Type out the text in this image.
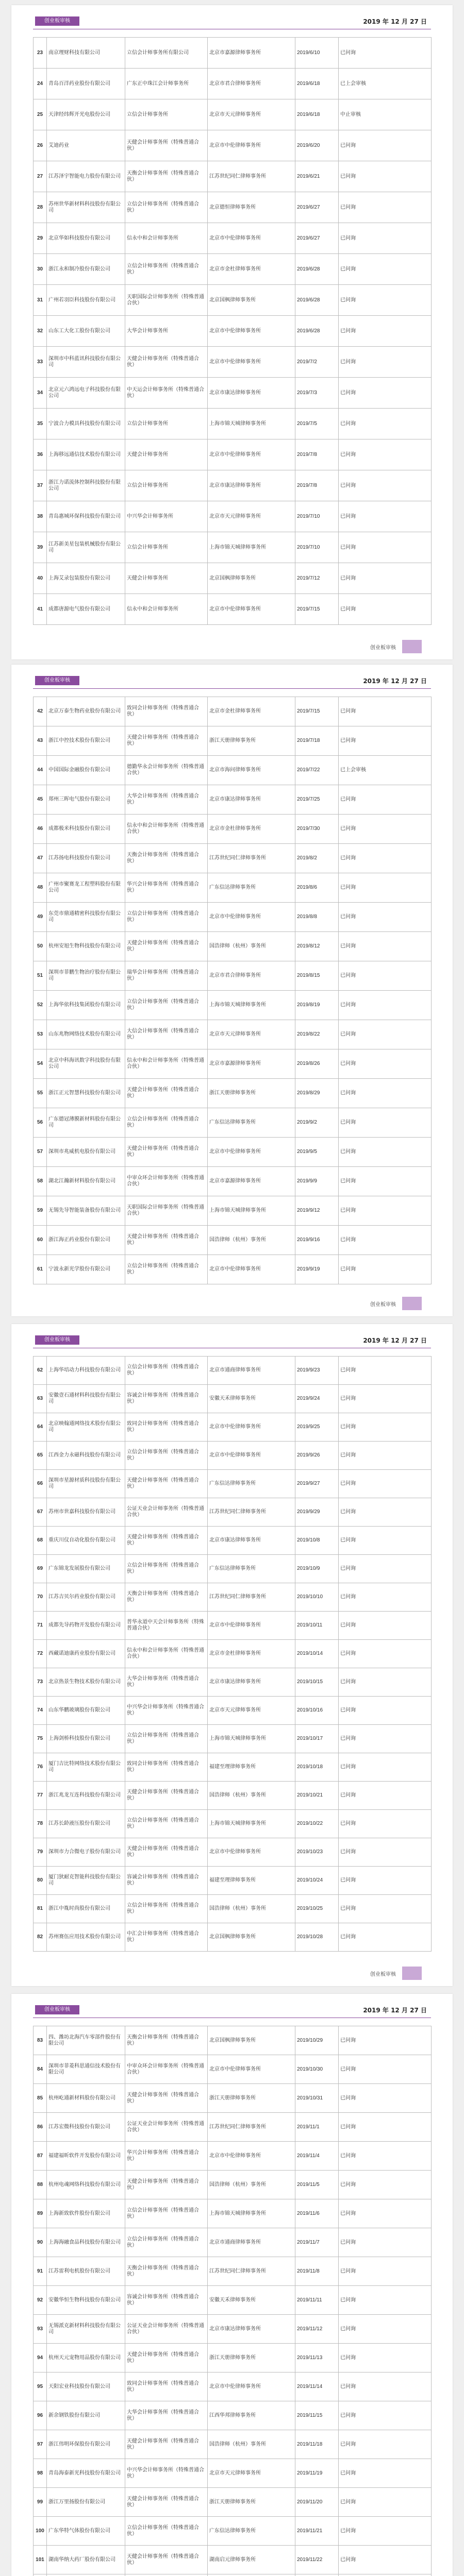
创业板审核	2019 年 12 月 27 日
23	南京理财科技有限公司	立信会计师事务所有限公司	北京市嘉源律师事务所	2019/6/10	已问询
24	青岛百洋药业股份有限公司	广东正中珠江会计师事务所	北京市君合律师事务所	2019/6/18	已上会审核
25	天津经纬辉开光电股份公司	立信会计师事务所	北京市天元律师事务所	2019/6/18	中止审核
26	艾迪药业	天健会计师事务所（特殊普通合伙）	北京市中伦律师事务所	2019/6/20	已问询
27	江苏泽宇智能电力股份有限公司	天衡会计师事务所（特殊普通合伙）	江苏世纪同仁律师事务所	2019/6/21	已问询
28	苏州世华新材料科技股份有限公司	立信会计师事务所（特殊普通合伙）	北京德恒律师事务所	2019/6/27	已问询
29	北京华如科技股份有限公司	信永中和会计师事务所	北京市中伦律师事务所	2019/6/27	已问询
30	浙江永和制冷股份有限公司	立信会计师事务所（特殊普通合伙）	北京市金杜律师事务所	2019/6/28	已问询
31	广州若羽臣科技股份有限公司	天职国际会计师事务所（特殊普通合伙）	北京国枫律师事务所	2019/6/28	已问询
32	山东工大化工股份有限公司	大华会计师事务所	北京市中伦律师事务所	2019/6/28	已问询
33	深圳市中科蓝讯科技股份有限公司	天健会计师事务所（特殊普通合伙）	北京市中伦律师事务所	2019/7/2	已问询
34	北京元六鸿远电子科技股份有限公司	中天运会计师事务所（特殊普通合伙）	北京市康达律师事务所	2019/7/3	已问询
35	宁波合力模具科技股份有限公司	立信会计师事务所	上海市锦天城律师事务所	2019/7/5	已问询
36	上海移远通信技术股份有限公司	天健会计师事务所	北京市中伦律师事务所	2019/7/8	已问询
37	浙江力诺流体控制科技股份有限公司	立信会计师事务所	北京市康达律师事务所	2019/7/8	已问询
38	青岛惠城环保科技股份有限公司	中兴华会计师事务所	北京市天元律师事务所	2019/7/10	已问询
39	江苏新美星包装机械股份有限公司	立信会计师事务所	上海市锦天城律师事务所	2019/7/10	已问询
40	上海艾录包装股份有限公司	天健会计师事务所	北京国枫律师事务所	2019/7/12	已问询
41	成都唐源电气股份有限公司	信永中和会计师事务所	北京市中伦律师事务所	2019/7/15	已问询
创业板审核
创业板审核	2019 年 12 月 27 日
42	北京万泰生物药业股份有限公司	致同会计师事务所（特殊普通合伙）	北京市金杜律师事务所	2019/7/15	已问询
43	浙江中控技术股份有限公司	天健会计师事务所（特殊普通合伙）	浙江天册律师事务所	2019/7/18	已问询
44	中国国际金融股份有限公司	德勤华永会计师事务所（特殊普通合伙）	北京市海问律师事务所	2019/7/22	已上会审核
45	郑州三晖电气股份有限公司	大华会计师事务所（特殊普通合伙）	北京市康达律师事务所	2019/7/25	已问询
46	成都极米科技股份有限公司	信永中和会计师事务所（特殊普通合伙）	北京市金杜律师事务所	2019/7/30	已问询
47	江苏扬电科技股份有限公司	天衡会计师事务所（特殊普通合伙）	江苏世纪同仁律师事务所	2019/8/2	已问询
48	广州市聚赛龙工程塑料股份有限公司	华兴会计师事务所（特殊普通合伙）	广东信达律师事务所	2019/8/6	已问询
49	东莞市鼎通精密科技股份有限公司	立信会计师事务所（特殊普通合伙）	北京市中伦律师事务所	2019/8/8	已问询
50	杭州安旭生物科技股份有限公司	天健会计师事务所（特殊普通合伙）	国浩律师（杭州）事务所	2019/8/12	已问询
51	深圳市菲鹏生物治疗股份有限公司	瑞华会计师事务所（特殊普通合伙）	北京市君合律师事务所	2019/8/15	已问询
52	上海华依科技集团股份有限公司	立信会计师事务所（特殊普通合伙）	上海市锦天城律师事务所	2019/8/19	已问询
53	山东兆物网络技术股份有限公司	大信会计师事务所（特殊普通合伙）	北京市天元律师事务所	2019/8/22	已问询
54	北京中科海讯数字科技股份有限公司	信永中和会计师事务所（特殊普通合伙）	北京市嘉源律师事务所	2019/8/26	已问询
55	浙江正元智慧科技股份有限公司	天健会计师事务所（特殊普通合伙）	浙江天册律师事务所	2019/8/29	已问询
56	广东德冠薄膜新材料股份有限公司	立信会计师事务所（特殊普通合伙）	广东信达律师事务所	2019/9/2	已问询
57	深圳市兆威机电股份有限公司	天健会计师事务所（特殊普通合伙）	北京市中伦律师事务所	2019/9/5	已问询
58	湖北江瀚新材料股份有限公司	中审众环会计师事务所（特殊普通合伙）	北京市嘉源律师事务所	2019/9/9	已问询
59	无锡先导智能装备股份有限公司	天职国际会计师事务所（特殊普通合伙）	上海市锦天城律师事务所	2019/9/12	已问询
60	浙江海正药业股份有限公司	天健会计师事务所（特殊普通合伙）	国浩律师（杭州）事务所	2019/9/16	已问询
61	宁波永新光学股份有限公司	立信会计师事务所（特殊普通合伙）	北京市中伦律师事务所	2019/9/19	已问询
创业板审核
创业板审核	2019 年 12 月 27 日
62	上海华培动力科技股份有限公司	立信会计师事务所（特殊普通合伙）	北京市通商律师事务所	2019/9/23	已问询
63	安徽壹石通材料科技股份有限公司	容诚会计师事务所（特殊普通合伙）	安徽天禾律师事务所	2019/9/24	已问询
64	北京映翰通网络技术股份有限公司	致同会计师事务所（特殊普通合伙）	北京市中伦律师事务所	2019/9/25	已问询
65	江西金力永磁科技股份有限公司	立信会计师事务所（特殊普通合伙）	北京市中伦律师事务所	2019/9/26	已问询
66	深圳市星源材质科技股份有限公司	天健会计师事务所（特殊普通合伙）	广东信达律师事务所	2019/9/27	已问询
67	苏州市世嘉科技股份有限公司	公证天业会计师事务所（特殊普通合伙）	江苏世纪同仁律师事务所	2019/9/29	已问询
68	重庆川仪自动化股份有限公司	天健会计师事务所（特殊普通合伙）	北京市康达律师事务所	2019/10/8	已问询
69	广东锦龙发展股份有限公司	立信会计师事务所（特殊普通合伙）	广东信达律师事务所	2019/10/9	已问询
70	江苏吉贝尔药业股份有限公司	天衡会计师事务所（特殊普通合伙）	江苏世纪同仁律师事务所	2019/10/10	已问询
71	成都先导药物开发股份有限公司	普华永道中天会计师事务所（特殊普通合伙）	北京市中伦律师事务所	2019/10/11	已问询
72	西藏诺迪康药业股份有限公司	信永中和会计师事务所（特殊普通合伙）	北京市金杜律师事务所	2019/10/14	已问询
73	北京热景生物技术股份有限公司	大华会计师事务所（特殊普通合伙）	北京市康达律师事务所	2019/10/15	已问询
74	山东华鹏玻璃股份有限公司	中兴华会计师事务所（特殊普通合伙）	北京市天元律师事务所	2019/10/16	已问询
75	上海剑桥科技股份有限公司	立信会计师事务所（特殊普通合伙）	上海市锦天城律师事务所	2019/10/17	已问询
76	厦门吉比特网络技术股份有限公司	致同会计师事务所（特殊普通合伙）	福建至理律师事务所	2019/10/18	已问询
77	浙江兆龙互连科技股份有限公司	天健会计师事务所（特殊普通合伙）	国浩律师（杭州）事务所	2019/10/21	已问询
78	江苏长龄液压股份有限公司	立信会计师事务所（特殊普通合伙）	上海市锦天城律师事务所	2019/10/22	已问询
79	深圳市力合微电子股份有限公司	天健会计师事务所（特殊普通合伙）	北京市中伦律师事务所	2019/10/23	已问询
80	厦门狄耐克智能科技股份有限公司	容诚会计师事务所（特殊普通合伙）	福建至理律师事务所	2019/10/24	已问询
81	浙江中胤时尚股份有限公司	立信会计师事务所（特殊普通合伙）	国浩律师（杭州）事务所	2019/10/25	已问询
82	苏州赛伍应用技术股份有限公司	中汇会计师事务所（特殊普通合伙）	北京国枫律师事务所	2019/10/28	已问询
创业板审核
创业板审核	2019 年 12 月 27 日
83	四、潍坊北海汽车零部件股份有限公司	天衡会计师事务所（特殊普通合伙）	北京国枫律师事务所	2019/10/29	已问询
84	深圳市菲菱科思通信技术股份有限公司	中审众环会计师事务所（特殊普通合伙）	北京市中伦律师事务所	2019/10/30	已问询
85	杭州屹通新材料股份有限公司	天健会计师事务所（特殊普通合伙）	浙江天册律师事务所	2019/10/31	已问询
86	江苏宏微科技股份有限公司	公证天业会计师事务所（特殊普通合伙）	江苏世纪同仁律师事务所	2019/11/1	已问询
87	福建福昕软件开发股份有限公司	华兴会计师事务所（特殊普通合伙）	北京市中伦律师事务所	2019/11/4	已问询
88	杭州电魂网络科技股份有限公司	天健会计师事务所（特殊普通合伙）	国浩律师（杭州）事务所	2019/11/5	已问询
89	上海新致软件股份有限公司	立信会计师事务所（特殊普通合伙）	上海市锦天城律师事务所	2019/11/6	已问询
90	上海海融食品科技股份有限公司	立信会计师事务所（特殊普通合伙）	北京市通商律师事务所	2019/11/7	已问询
91	江苏雷利电机股份有限公司	天衡会计师事务所（特殊普通合伙）	江苏世纪同仁律师事务所	2019/11/8	已问询
92	安徽华恒生物科技股份有限公司	容诚会计师事务所（特殊普通合伙）	安徽天禾律师事务所	2019/11/11	已问询
93	无锡派克新材料科技股份有限公司	公证天业会计师事务所（特殊普通合伙）	北京市康达律师事务所	2019/11/12	已问询
94	杭州天元宠物用品股份有限公司	天健会计师事务所（特殊普通合伙）	浙江天册律师事务所	2019/11/13	已问询
95	天阳宏业科技股份有限公司	致同会计师事务所（特殊普通合伙）	北京市中伦律师事务所	2019/11/14	已问询
96	新余钢铁股份有限公司	大华会计师事务所（特殊普通合伙）	江西华邦律师事务所	2019/11/15	已问询
97	浙江伟明环保股份有限公司	天健会计师事务所（特殊普通合伙）	国浩律师（杭州）事务所	2019/11/18	已问询
98	青岛海泰新光科技股份有限公司	中兴华会计师事务所（特殊普通合伙）	北京市天元律师事务所	2019/11/19	已问询
99	浙江万里扬股份有限公司	天健会计师事务所（特殊普通合伙）	浙江天册律师事务所	2019/11/20	已问询
100	广东华特气体股份有限公司	立信会计师事务所（特殊普通合伙）	广东信达律师事务所	2019/11/21	已问询
101	湖南华纳大药厂股份有限公司	天健会计师事务所（特殊普通合伙）	湖南启元律师事务所	2019/11/22	已问询
